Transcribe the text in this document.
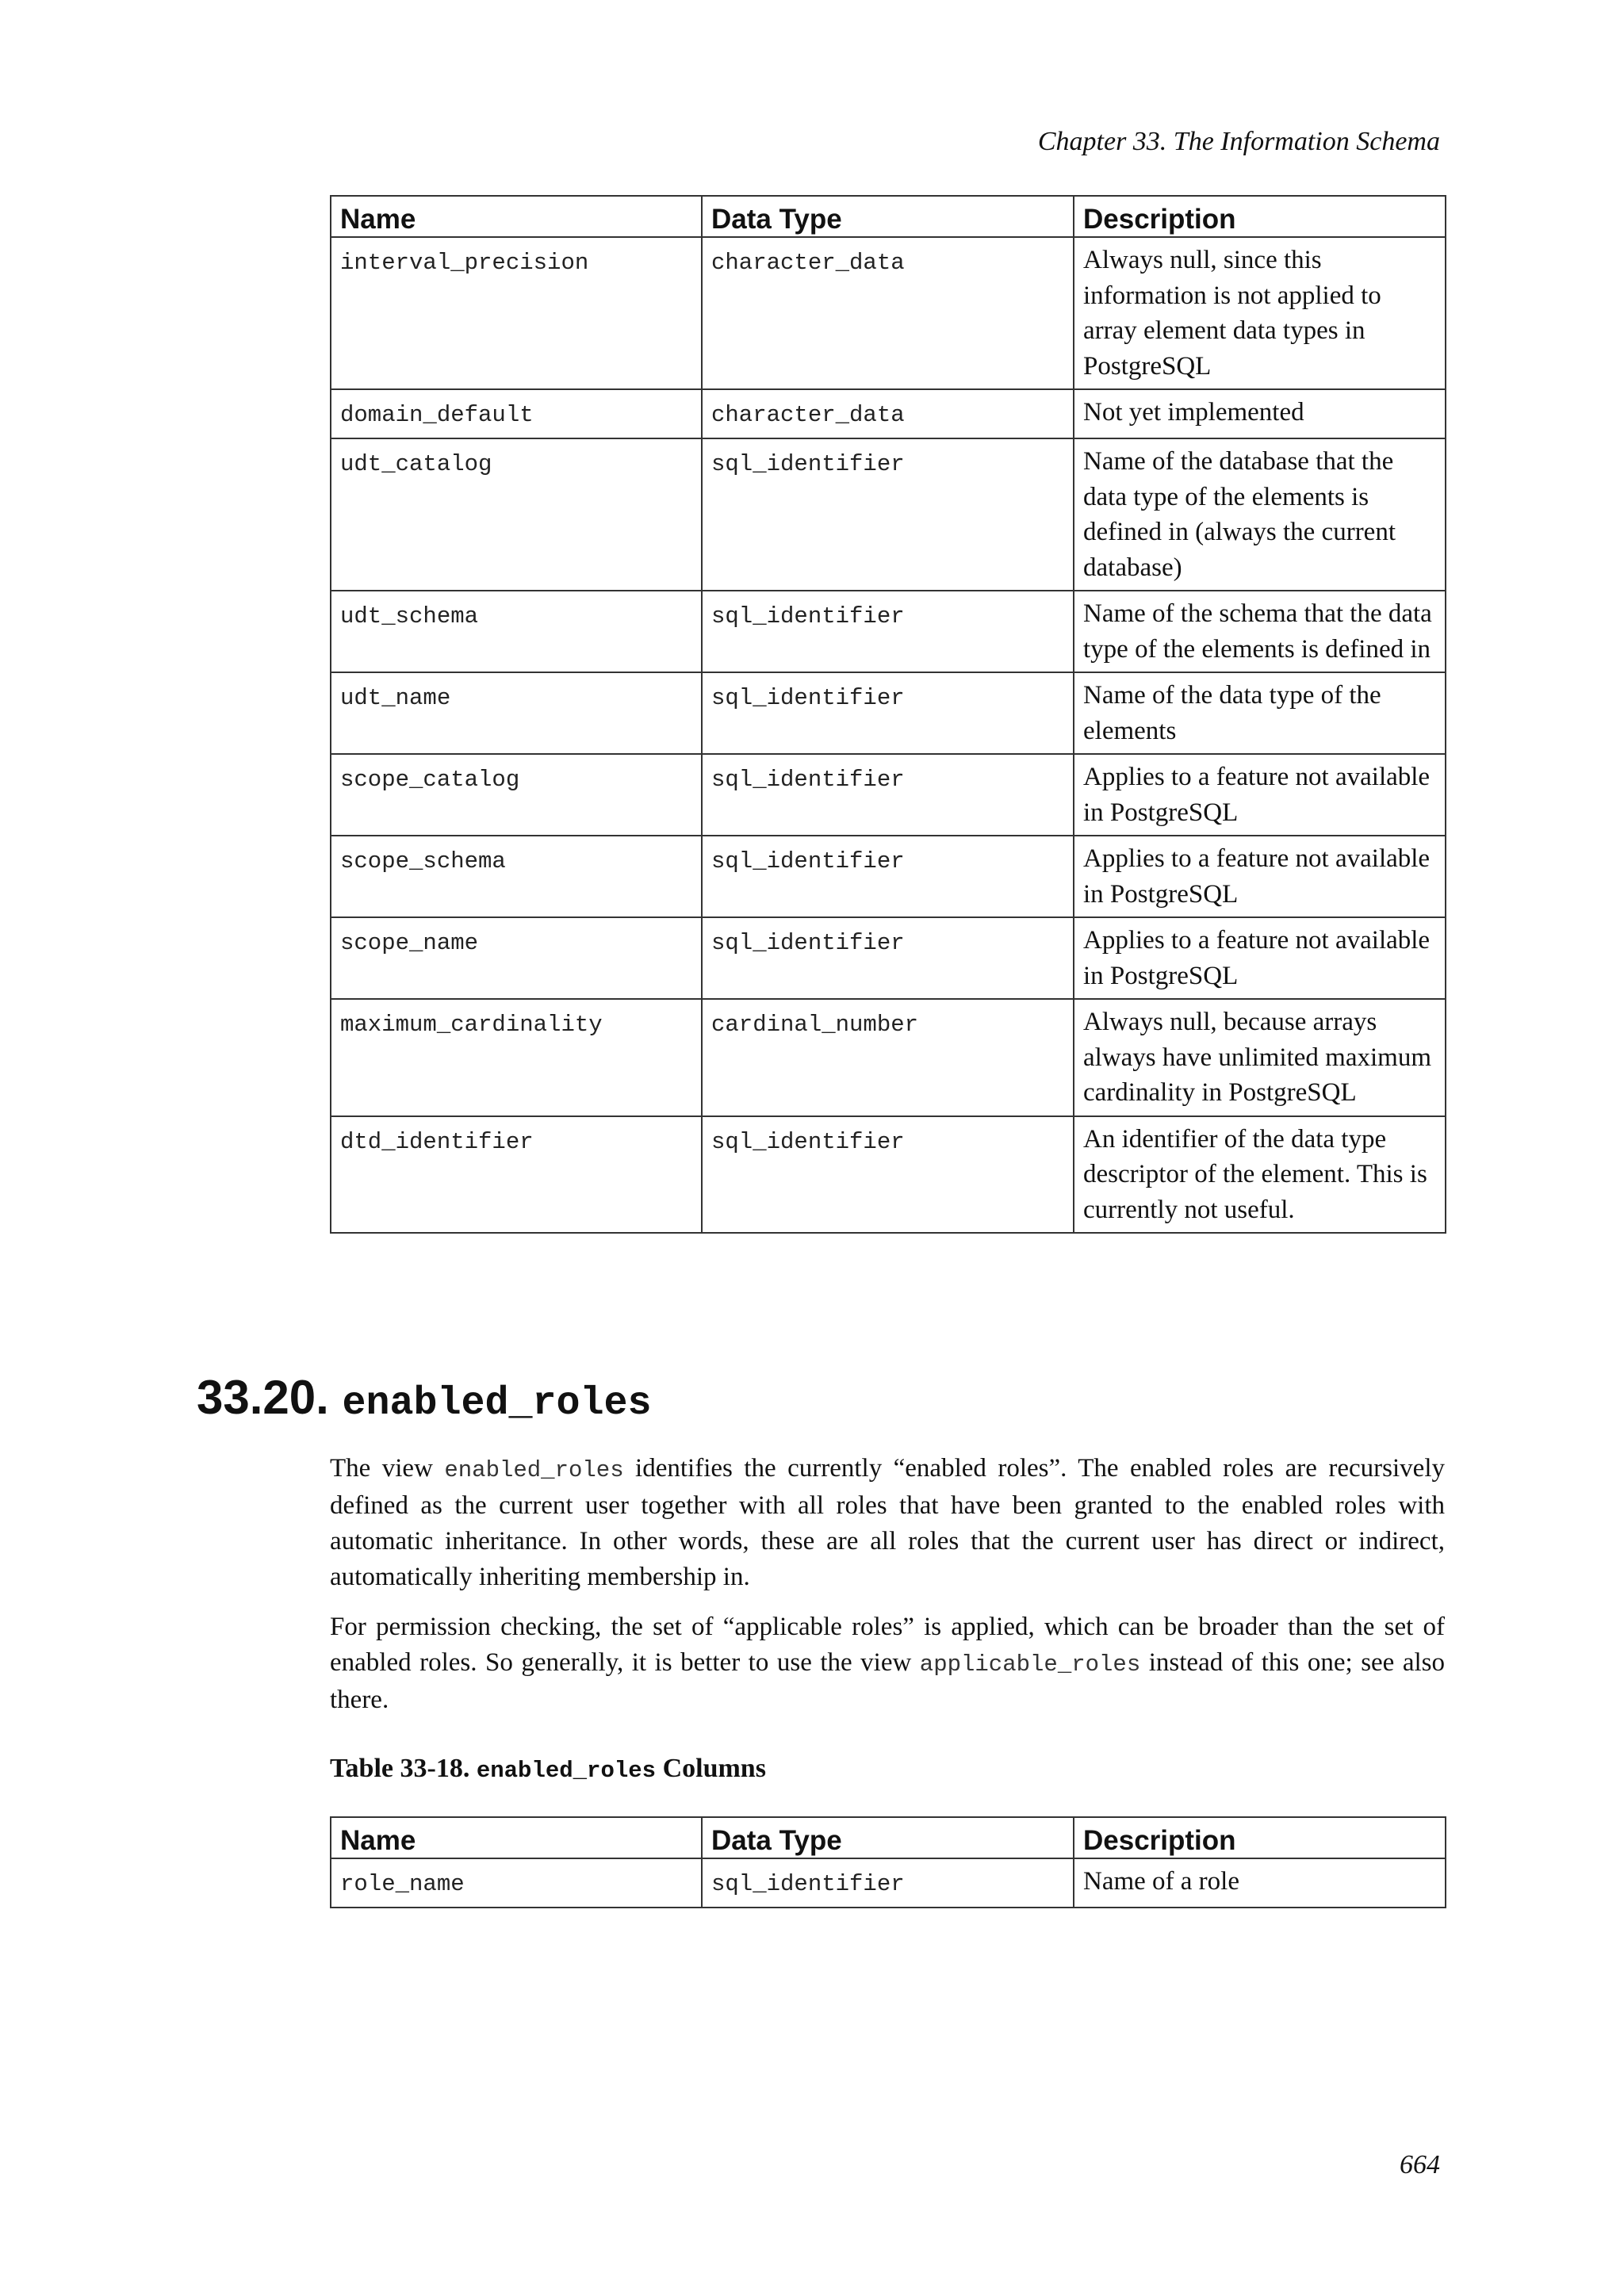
Chapter 33. The Information Schema
Name	Data Type	Description
interval_precision	character_data	Always null, since this information is not applied to array element data types in PostgreSQL
domain_default	character_data	Not yet implemented
udt_catalog	sql_identifier	Name of the database that the data type of the elements is defined in (always the current database)
udt_schema	sql_identifier	Name of the schema that the data type of the elements is defined in
udt_name	sql_identifier	Name of the data type of the elements
scope_catalog	sql_identifier	Applies to a feature not available in PostgreSQL
scope_schema	sql_identifier	Applies to a feature not available in PostgreSQL
scope_name	sql_identifier	Applies to a feature not available in PostgreSQL
maximum_cardinality	cardinal_number	Always null, because arrays always have unlimited maximum cardinality in PostgreSQL
dtd_identifier	sql_identifier	An identifier of the data type descriptor of the element. This is currently not useful.
33.20. enabled_roles
The view enabled_roles identifies the currently “enabled roles”. The enabled roles are recursively defined as the current user together with all roles that have been granted to the enabled roles with automatic inheritance. In other words, these are all roles that the current user has direct or indirect, automatically inheriting membership in.
For permission checking, the set of “applicable roles” is applied, which can be broader than the set of enabled roles. So generally, it is better to use the view applicable_roles instead of this one; see also there.
Table 33-18. enabled_roles Columns
Name	Data Type	Description
role_name	sql_identifier	Name of a role
664
